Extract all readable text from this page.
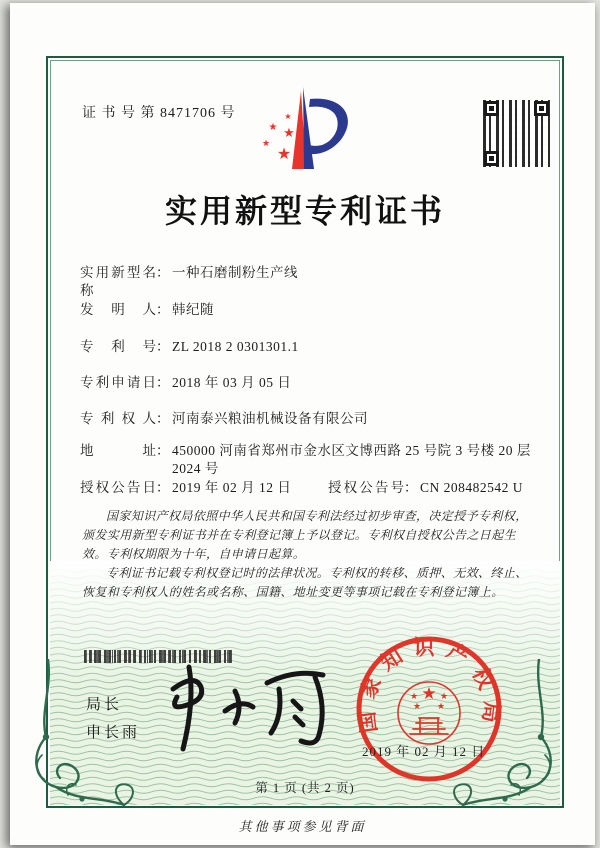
证 书 号 第 8471706 号	★
★ ★
★ ★
实用新型专利证书
实用新型名称
： 一种石磨制粉生产线
发明人 ： 韩纪随
专利号 ： ZL 2018 2 0301301.1
专利申请日 ： 2018 年 03 月 05 日
专利权人 ： 河南泰兴粮油机械设备有限公司
地址 ： 450000 河南省郑州市金水区文博西路 25 号院 3 号楼 20 层 2024 号
授权公告日 ： 2019 年 02 月 12 日	授权公告号 ： CN 208482542 U

国家知识产权局依照中华人民共和国专利法经过初步审查，决定授予专利权，颁发实用新型专利证书并在专利登记簿上予以登记。专利权自授权公告之日起生效。专利权期限为十年，自申请日起算。

专利证书记载专利权登记时的法律状况。专利权的转移、质押、无效、终止、恢复和专利权人的姓名或名称、国籍、地址变更等事项记载在专利登记簿上。

局长
申长雨	国家知识产权局
★
★ ★
★ ★
2019 年 02 月 12 日
第 1 页 (共 2 页)
其他事项参见背面
